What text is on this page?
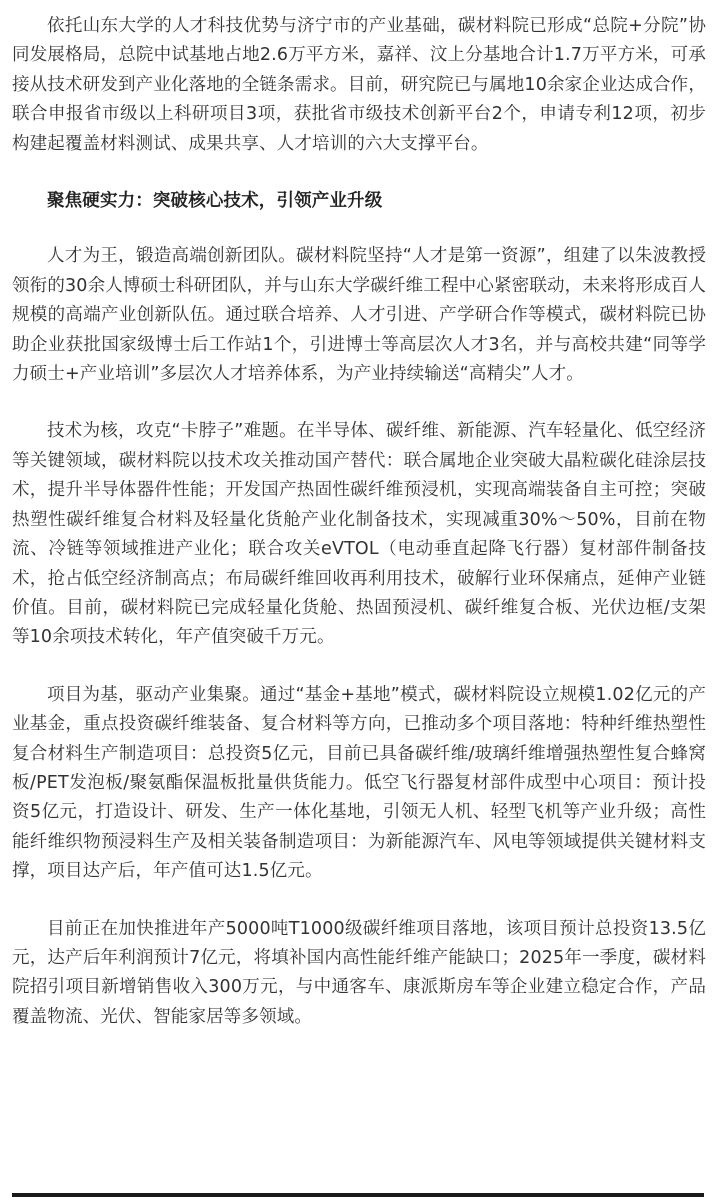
依托山东大学的人才科技优势与济宁市的产业基础，碳材料院已形成“总院+分院”协同发展格局，总院中试基地占地2.6万平方米，嘉祥、汶上分基地合计1.7万平方米，可承接从技术研发到产业化落地的全链条需求。目前，研究院已与属地10余家企业达成合作，联合申报省市级以上科研项目3项，获批省市级技术创新平台2个，申请专利12项，初步构建起覆盖材料测试、成果共享、人才培训的六大支撑平台。

聚焦硬实力：突破核心技术，引领产业升级

人才为王，锻造高端创新团队。碳材料院坚持“人才是第一资源”，组建了以朱波教授领衔的30余人博硕士科研团队，并与山东大学碳纤维工程中心紧密联动，未来将形成百人规模的高端产业创新队伍。通过联合培养、人才引进、产学研合作等模式，碳材料院已协助企业获批国家级博士后工作站1个，引进博士等高层次人才3名，并与高校共建“同等学力硕士+产业培训”多层次人才培养体系，为产业持续输送“高精尖”人才。

技术为核，攻克“卡脖子”难题。在半导体、碳纤维、新能源、汽车轻量化、低空经济等关键领域，碳材料院以技术攻关推动国产替代：联合属地企业突破大晶粒碳化硅涂层技术，提升半导体器件性能；开发国产热固性碳纤维预浸机，实现高端装备自主可控；突破热塑性碳纤维复合材料及轻量化货舱产业化制备技术，实现减重30%～50%，目前在物流、冷链等领域推进产业化；联合攻关eVTOL（电动垂直起降飞行器）复材部件制备技术，抢占低空经济制高点；布局碳纤维回收再利用技术，破解行业环保痛点，延伸产业链价值。目前，碳材料院已完成轻量化货舱、热固预浸机、碳纤维复合板、光伏边框/支架等10余项技术转化，年产值突破千万元。

项目为基，驱动产业集聚。通过“基金+基地”模式，碳材料院设立规模1.02亿元的产业基金，重点投资碳纤维装备、复合材料等方向，已推动多个项目落地：特种纤维热塑性复合材料生产制造项目：总投资5亿元，目前已具备碳纤维/玻璃纤维增强热塑性复合蜂窝板/PET发泡板/聚氨酯保温板批量供货能力。低空飞行器复材部件成型中心项目：预计投资5亿元，打造设计、研发、生产一体化基地，引领无人机、轻型飞机等产业升级；高性能纤维织物预浸料生产及相关装备制造项目：为新能源汽车、风电等领域提供关键材料支撑，项目达产后，年产值可达1.5亿元。

目前正在加快推进年产5000吨T1000级碳纤维项目落地，该项目预计总投资13.5亿元，达产后年利润预计7亿元，将填补国内高性能纤维产能缺口；2025年一季度，碳材料院招引项目新增销售收入300万元，与中通客车、康派斯房车等企业建立稳定合作，产品覆盖物流、光伏、智能家居等多领域。
